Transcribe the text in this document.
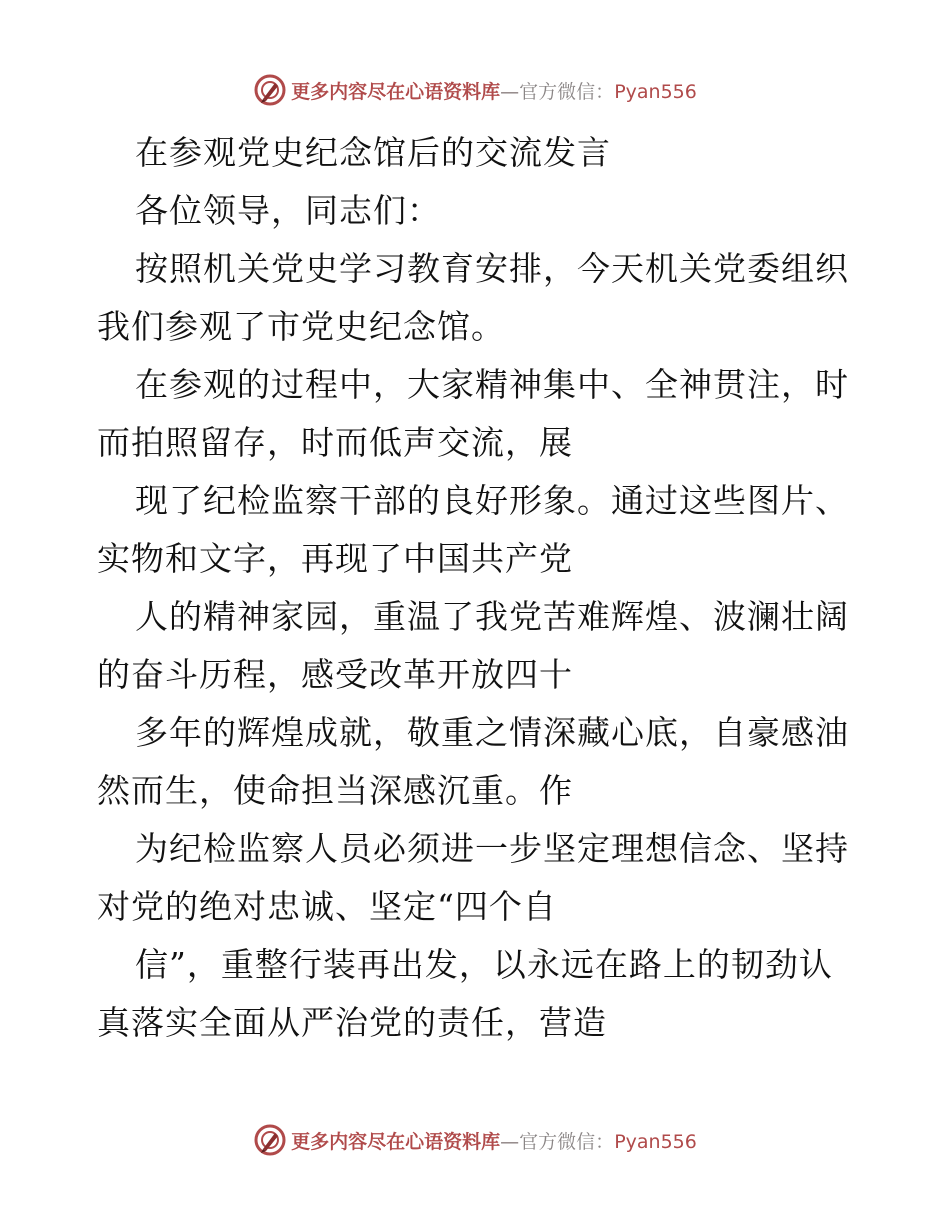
更多内容尽在心语资料库—官方微信：Pyan556
在参观党史纪念馆后的交流发言
各位领导，同志们：
按照机关党史学习教育安排，今天机关党委组织
我们参观了市党史纪念馆。
在参观的过程中，大家精神集中、全神贯注，时
而拍照留存，时而低声交流，展
现了纪检监察干部的良好形象。通过这些图片、
实物和文字，再现了中国共产党
人的精神家园，重温了我党苦难辉煌、波澜壮阔
的奋斗历程，感受改革开放四十
多年的辉煌成就，敬重之情深藏心底，自豪感油
然而生，使命担当深感沉重。作
为纪检监察人员必须进一步坚定理想信念、坚持
对党的绝对忠诚、坚定“四个自
信”，重整行装再出发，以永远在路上的韧劲认
真落实全面从严治党的责任，营造
更多内容尽在心语资料库—官方微信：Pyan556
